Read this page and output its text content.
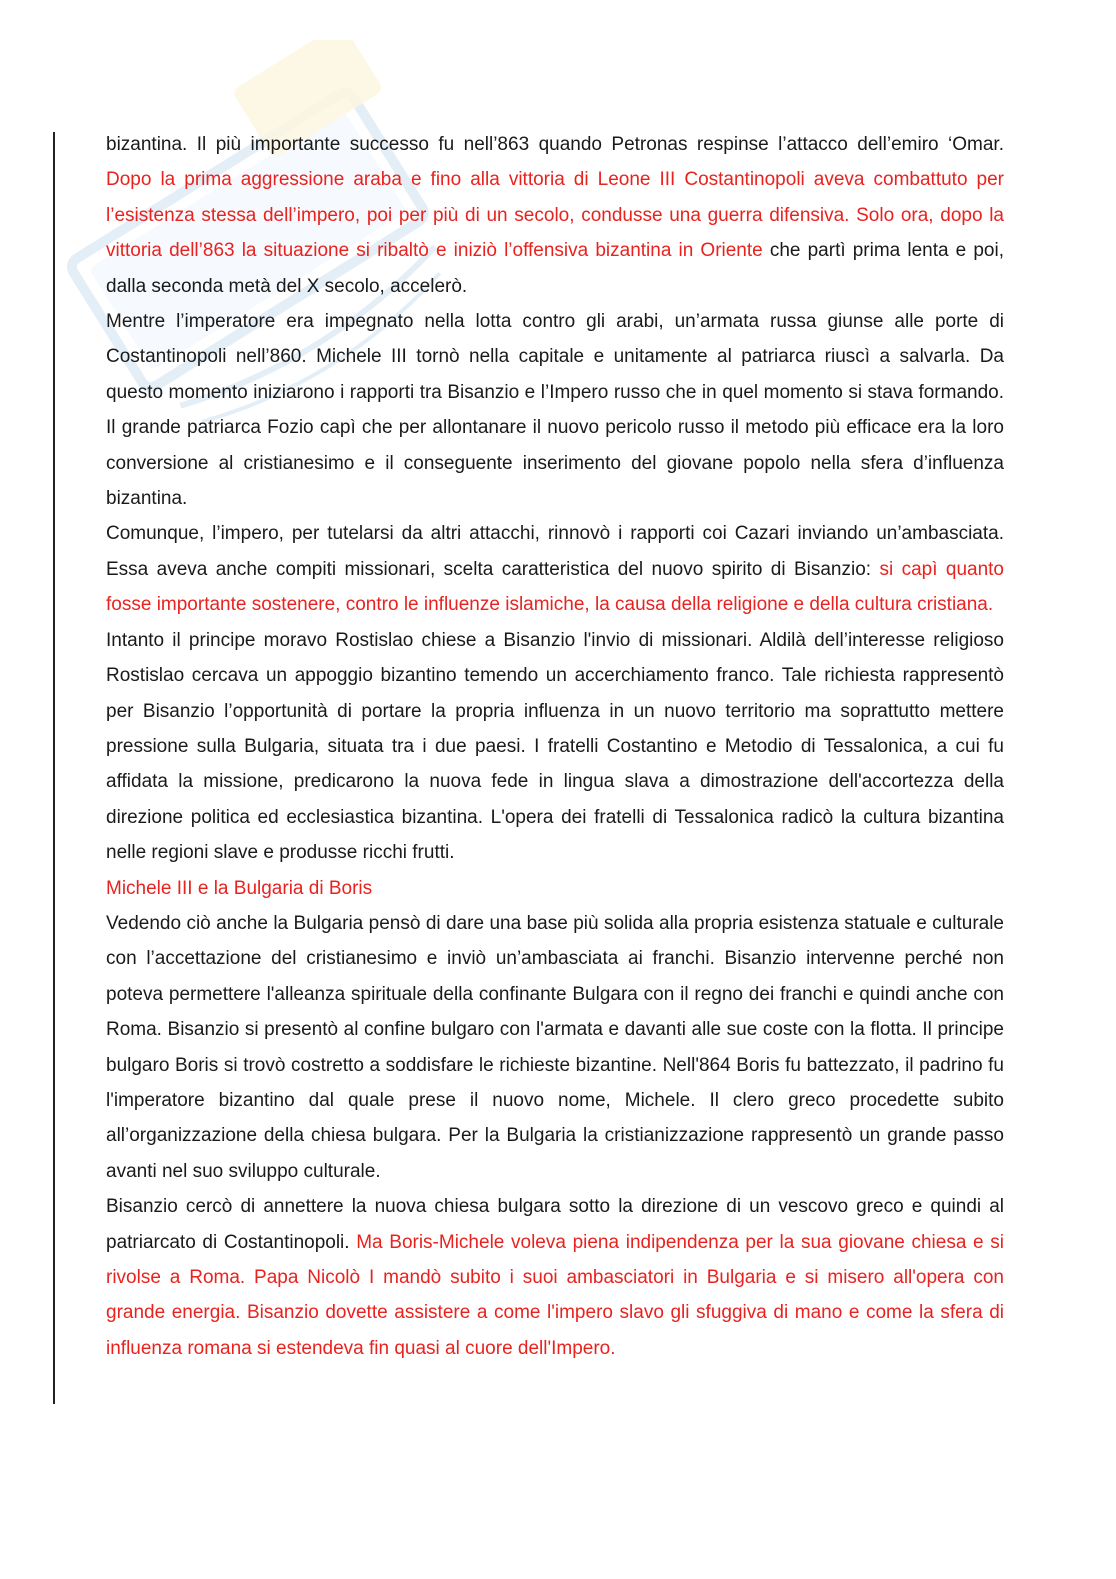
bizantina. Il più importante successo fu nell’863 quando Petronas respinse l’attacco dell’emiro ‘Omar. Dopo la prima aggressione araba e fino alla vittoria di Leone III Costantinopoli aveva combattuto per l’esistenza stessa dell’impero, poi per più di un secolo, condusse una guerra difensiva. Solo ora, dopo la vittoria dell’863 la situazione si ribaltò e iniziò l’offensiva bizantina in Oriente che partì prima lenta e poi, dalla seconda metà del X secolo, accelerò.

Mentre l’imperatore era impegnato nella lotta contro gli arabi, un’armata russa giunse alle porte di Costantinopoli nell’860. Michele III tornò nella capitale e unitamente al patriarca riuscì a salvarla. Da questo momento iniziarono i rapporti tra Bisanzio e l’Impero russo che in quel momento si stava formando. Il grande patriarca Fozio capì che per allontanare il nuovo pericolo russo il metodo più efficace era la loro conversione al cristianesimo e il conseguente inserimento del giovane popolo nella sfera d’influenza bizantina.

Comunque, l’impero, per tutelarsi da altri attacchi, rinnovò i rapporti coi Cazari inviando un’ambasciata. Essa aveva anche compiti missionari, scelta caratteristica del nuovo spirito di Bisanzio: si capì quanto fosse importante sostenere, contro le influenze islamiche, la causa della religione e della cultura cristiana.

Intanto il principe moravo Rostislao chiese a Bisanzio l'invio di missionari. Aldilà dell’interesse religioso Rostislao cercava un appoggio bizantino temendo un accerchiamento franco. Tale richiesta rappresentò per Bisanzio l’opportunità di portare la propria influenza in un nuovo territorio ma soprattutto mettere pressione sulla Bulgaria, situata tra i due paesi. I fratelli Costantino e Metodio di Tessalonica, a cui fu affidata la missione, predicarono la nuova fede in lingua slava a dimostrazione dell'accortezza della direzione politica ed ecclesiastica bizantina. L'opera dei fratelli di Tessalonica radicò la cultura bizantina nelle regioni slave e produsse ricchi frutti.

Michele III e la Bulgaria di Boris

Vedendo ciò anche la Bulgaria pensò di dare una base più solida alla propria esistenza statuale e culturale con l’accettazione del cristianesimo e inviò un’ambasciata ai franchi. Bisanzio intervenne perché non poteva permettere l'alleanza spirituale della confinante Bulgara con il regno dei franchi e quindi anche con Roma. Bisanzio si presentò al confine bulgaro con l'armata e davanti alle sue coste con la flotta. Il principe bulgaro Boris si trovò costretto a soddisfare le richieste bizantine. Nell'864 Boris fu battezzato, il padrino fu l'imperatore bizantino dal quale prese il nuovo nome, Michele. Il clero greco procedette subito all’organizzazione della chiesa bulgara. Per la Bulgaria la cristianizzazione rappresentò un grande passo avanti nel suo sviluppo culturale.

Bisanzio cercò di annettere la nuova chiesa bulgara sotto la direzione di un vescovo greco e quindi al patriarcato di Costantinopoli. Ma Boris-Michele voleva piena indipendenza per la sua giovane chiesa e si rivolse a Roma. Papa Nicolò I mandò subito i suoi ambasciatori in Bulgaria e si misero all'opera con grande energia. Bisanzio dovette assistere a come l'impero slavo gli sfuggiva di mano e come la sfera di influenza romana si estendeva fin quasi al cuore dell'Impero.
